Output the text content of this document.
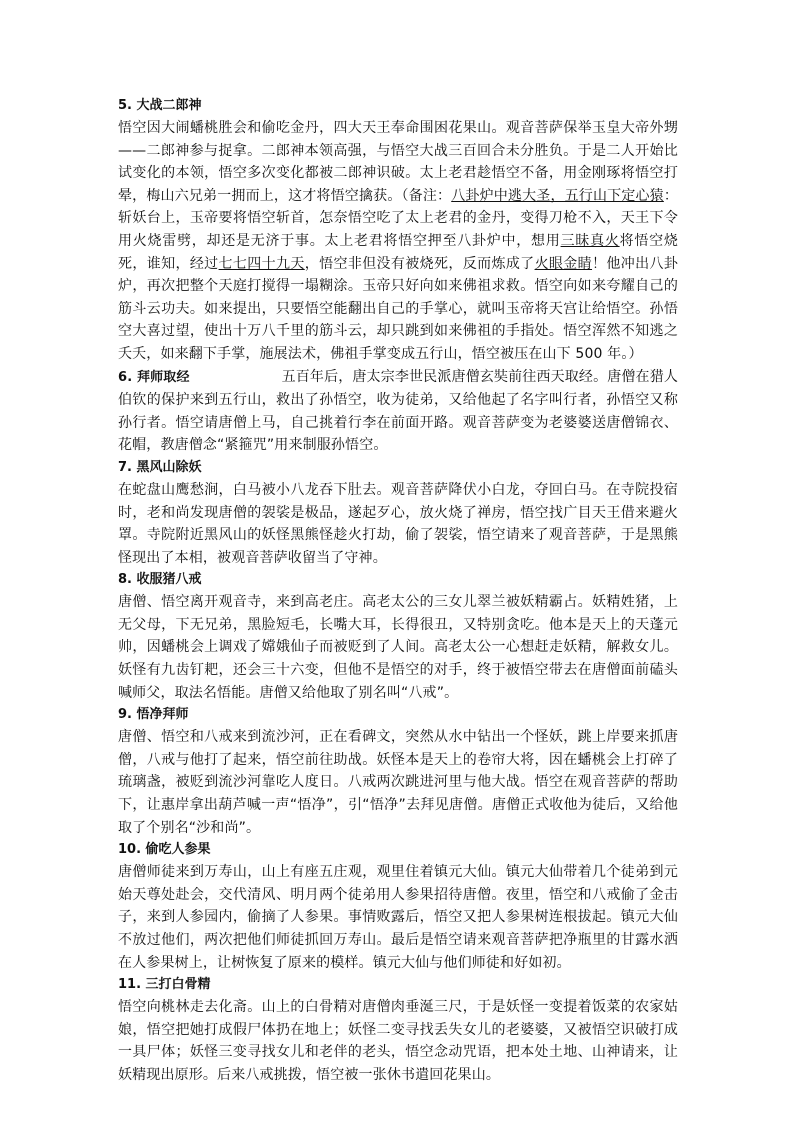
5. 大战二郎神

悟空因大闹蟠桃胜会和偷吃金丹，四大天王奉命围困花果山。观音菩萨保举玉皇大帝外甥——二郎神参与捉拿。二郎神本领高强，与悟空大战三百回合未分胜负。于是二人开始比试变化的本领，悟空多次变化都被二郎神识破。太上老君趁悟空不备，用金刚琢将悟空打晕，梅山六兄弟一拥而上，这才将悟空擒获。（备注：八卦炉中逃大圣，五行山下定心猿：斩妖台上，玉帝要将悟空斩首，怎奈悟空吃了太上老君的金丹，变得刀枪不入，天王下令用火烧雷劈，却还是无济于事。太上老君将悟空押至八卦炉中，想用三昧真火将悟空烧死，谁知，经过七七四十九天，悟空非但没有被烧死，反而炼成了火眼金睛！他冲出八卦炉，再次把整个天庭打搅得一塌糊涂。玉帝只好向如来佛祖求救。悟空向如来夸耀自己的筋斗云功夫。如来提出，只要悟空能翻出自己的手掌心，就叫玉帝将天宫让给悟空。孙悟空大喜过望，使出十万八千里的筋斗云，却只跳到如来佛祖的手指处。悟空浑然不知逃之夭夭，如来翻下手掌，施展法术，佛祖手掌变成五行山，悟空被压在山下 500 年。）

6. 拜师取经	五百年后，唐太宗李世民派唐僧玄奘前往西天取经。唐僧在猎人伯钦的保护来到五行山，救出了孙悟空，收为徒弟，又给他起了名字叫行者，孙悟空又称孙行者。悟空请唐僧上马，自己挑着行李在前面开路。观音菩萨变为老婆婆送唐僧锦衣、花帽，教唐僧念“紧箍咒”用来制服孙悟空。

7. 黑风山除妖

在蛇盘山鹰愁涧，白马被小八龙吞下肚去。观音菩萨降伏小白龙，夺回白马。在寺院投宿时，老和尚发现唐僧的袈裟是极品，遂起歹心，放火烧了禅房，悟空找广目天王借来避火罩。寺院附近黑风山的妖怪黑熊怪趁火打劫，偷了袈裟，悟空请来了观音菩萨，于是黑熊怪现出了本相，被观音菩萨收留当了守神。

8. 收服猪八戒

唐僧、悟空离开观音寺，来到高老庄。高老太公的三女儿翠兰被妖精霸占。妖精姓猪，上无父母，下无兄弟，黑脸短毛，长嘴大耳，长得很丑，又特别贪吃。他本是天上的天蓬元帅，因蟠桃会上调戏了嫦娥仙子而被贬到了人间。高老太公一心想赶走妖精，解救女儿。妖怪有九齿钉耙，还会三十六变，但他不是悟空的对手，终于被悟空带去在唐僧面前磕头喊师父，取法名悟能。唐僧又给他取了别名叫“八戒”。

9. 悟净拜师

唐僧、悟空和八戒来到流沙河，正在看碑文，突然从水中钻出一个怪妖，跳上岸要来抓唐僧，八戒与他打了起来，悟空前往助战。妖怪本是天上的卷帘大将，因在蟠桃会上打碎了琉璃盏，被贬到流沙河靠吃人度日。八戒两次跳进河里与他大战。悟空在观音菩萨的帮助下，让惠岸拿出葫芦喊一声“悟净”，引“悟净”去拜见唐僧。唐僧正式收他为徒后，又给他取了个别名“沙和尚”。

10. 偷吃人参果

唐僧师徒来到万寿山，山上有座五庄观，观里住着镇元大仙。镇元大仙带着几个徒弟到元始天尊处赴会，交代清风、明月两个徒弟用人参果招待唐僧。夜里，悟空和八戒偷了金击子，来到人参园内，偷摘了人参果。事情败露后，悟空又把人参果树连根拔起。镇元大仙不放过他们，两次把他们师徒抓回万寿山。最后是悟空请来观音菩萨把净瓶里的甘露水洒在人参果树上，让树恢复了原来的模样。镇元大仙与他们师徒和好如初。

11. 三打白骨精

悟空向桃林走去化斋。山上的白骨精对唐僧肉垂涎三尺，于是妖怪一变提着饭菜的农家姑娘，悟空把她打成假尸体扔在地上；妖怪二变寻找丢失女儿的老婆婆，又被悟空识破打成一具尸体；妖怪三变寻找女儿和老伴的老头，悟空念动咒语，把本处土地、山神请来，让妖精现出原形。后来八戒挑拨，悟空被一张休书遣回花果山。
